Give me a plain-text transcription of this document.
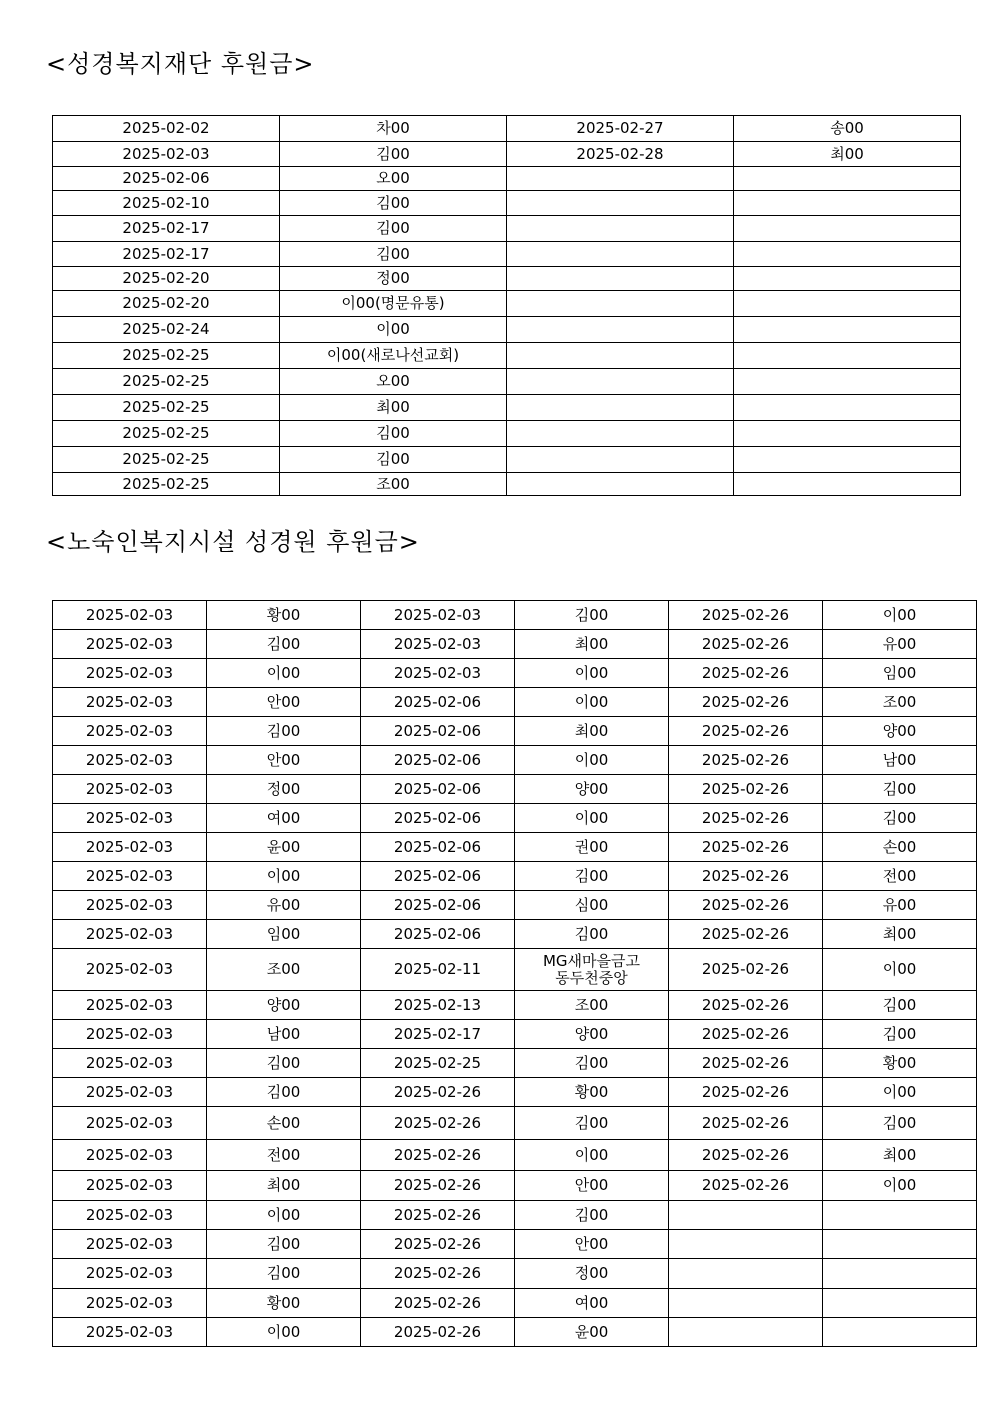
<성경복지재단 후원금>
2025-02-02	차00	2025-02-27	송00
2025-02-03	김00	2025-02-28	최00
2025-02-06	오00		
2025-02-10	김00		
2025-02-17	김00		
2025-02-17	김00		
2025-02-20	정00		
2025-02-20	이00(명문유통)		
2025-02-24	이00		
2025-02-25	이00(새로나선교회)		
2025-02-25	오00		
2025-02-25	최00		
2025-02-25	김00		
2025-02-25	김00		
2025-02-25	조00		
<노숙인복지시설 성경원 후원금>
2025-02-03	황00	2025-02-03	김00	2025-02-26	이00
2025-02-03	김00	2025-02-03	최00	2025-02-26	유00
2025-02-03	이00	2025-02-03	이00	2025-02-26	임00
2025-02-03	안00	2025-02-06	이00	2025-02-26	조00
2025-02-03	김00	2025-02-06	최00	2025-02-26	양00
2025-02-03	안00	2025-02-06	이00	2025-02-26	남00
2025-02-03	정00	2025-02-06	양00	2025-02-26	김00
2025-02-03	여00	2025-02-06	이00	2025-02-26	김00
2025-02-03	윤00	2025-02-06	권00	2025-02-26	손00
2025-02-03	이00	2025-02-06	김00	2025-02-26	전00
2025-02-03	유00	2025-02-06	심00	2025-02-26	유00
2025-02-03	임00	2025-02-06	김00	2025-02-26	최00
2025-02-03	조00	2025-02-11	MG새마을금고
동두천중앙	2025-02-26	이00
2025-02-03	양00	2025-02-13	조00	2025-02-26	김00
2025-02-03	남00	2025-02-17	양00	2025-02-26	김00
2025-02-03	김00	2025-02-25	김00	2025-02-26	황00
2025-02-03	김00	2025-02-26	황00	2025-02-26	이00
2025-02-03	손00	2025-02-26	김00	2025-02-26	김00
2025-02-03	전00	2025-02-26	이00	2025-02-26	최00
2025-02-03	최00	2025-02-26	안00	2025-02-26	이00
2025-02-03	이00	2025-02-26	김00		
2025-02-03	김00	2025-02-26	안00		
2025-02-03	김00	2025-02-26	정00		
2025-02-03	황00	2025-02-26	여00		
2025-02-03	이00	2025-02-26	윤00		
